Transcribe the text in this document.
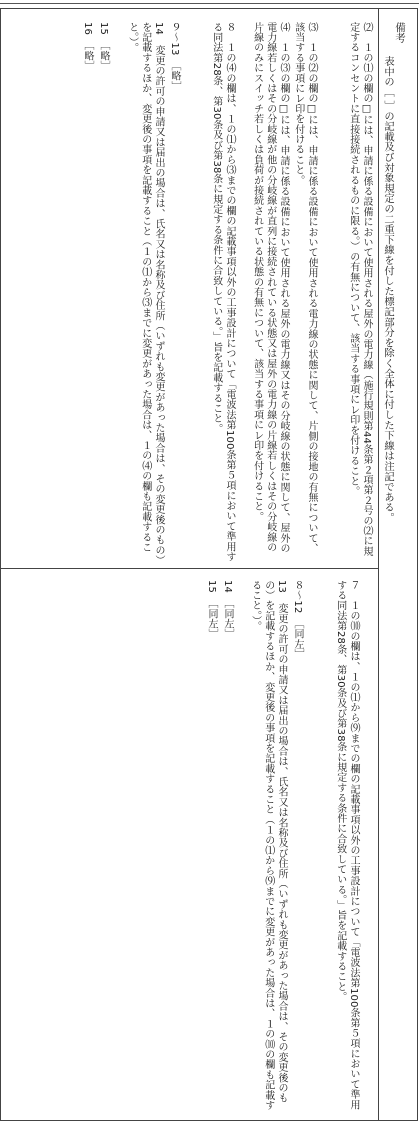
備考
表中の［ ］の記載及び対象規定の二重下線を付した標記部分を除く全体に付した下線は注記である。
⑵　１の⑴の欄の□には、申請に係る設備において使用される屋外の電力線（施行規則第44条第２項第２号の⑵に規定するコンセントに直接接続されるものに限る。）の有無について、該当する事項にレ印を付けること。
⑶　１の⑵の欄の□には、申請に係る設備において使用される電力線の状態に関して、片側の接地の有無について、該当する事項にレ印を付けること。
⑷　１の⑶の欄の□には、申請に係る設備において使用される屋外の電力線又はその分岐線の状態に関して、屋外の電力線若しくはその分岐線が他の分岐線が直列に接続されている状態又は屋外の電力線の片線若しくはその分岐線の片線のみにスイッチ若しくは負荷が接続されている状態の有無について、該当する事項にレ印を付けること。
８　１の⑷の欄は、１の⑴から⑶までの欄の記載事項以外の工事設計について「電波法第100条第５項において準用する同法第28条、第30条及び第38条に規定する条件に合致している。」旨を記載すること。
９～13　［略］
14　変更の許可の申請又は届出の場合は、氏名又は名称及び住所（いずれも変更があった場合は、その変更後のもの）を記載するほか、変更後の事項を記載すること（１の⑴から⑶までに変更があった場合は、１の⑷の欄も記載すること。）。
15　［略］
16　［略］
７　１の⑽の欄は、１の⑴から⑼までの欄の記載事項以外の工事設計について「電波法第100条第５項において準用する同法第28条、第30条及び第38条に規定する条件に合致している。」旨を記載すること。
８～12　［同左］
13　変更の許可の申請又は届出の場合は、氏名又は名称及び住所（いずれも変更があった場合は、その変更後のもの）を記載するほか、変更後の事項を記載すること（１の⑴から⑼までに変更があった場合は、１の⑽の欄も記載すること。）。
14　［同左］
15　［同左］
